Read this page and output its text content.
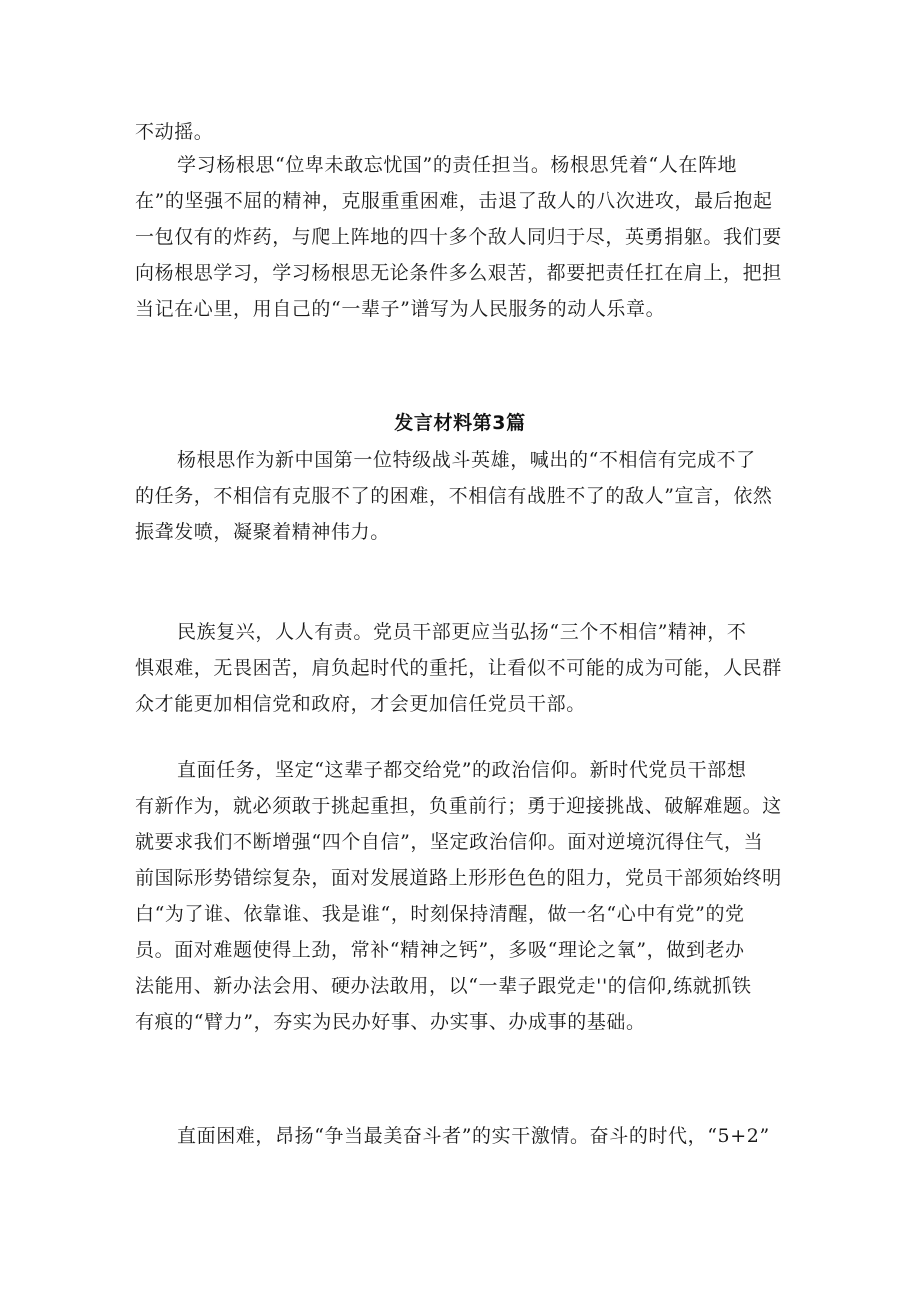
不动摇。
学习杨根思“位卑未敢忘忧国”的责任担当。杨根思凭着“人在阵地
在”的坚强不屈的精神，克服重重困难，击退了敌人的八次进攻，最后抱起
一包仅有的炸药，与爬上阵地的四十多个敌人同归于尽，英勇捐躯。我们要
向杨根思学习，学习杨根思无论条件多么艰苦，都要把责任扛在肩上，把担
当记在心里，用自己的“一辈子”谱写为人民服务的动人乐章。
发言材料第3篇
杨根思作为新中国第一位特级战斗英雄，喊出的“不相信有完成不了
的任务，不相信有克服不了的困难，不相信有战胜不了的敌人”宣言，依然
振聋发喷，凝聚着精神伟力。
民族复兴，人人有责。党员干部更应当弘扬“三个不相信”精神，不
惧艰难，无畏困苦，肩负起时代的重托，让看似不可能的成为可能，人民群
众才能更加相信党和政府，才会更加信任党员干部。
直面任务，坚定“这辈子都交给党”的政治信仰。新时代党员干部想
有新作为，就必须敢于挑起重担，负重前行；勇于迎接挑战、破解难题。这
就要求我们不断增强“四个自信”，坚定政治信仰。面对逆境沉得住气，当
前国际形势错综复杂，面对发展道路上形形色色的阻力，党员干部须始终明
白“为了谁、依靠谁、我是谁“，时刻保持清醒，做一名“心中有党”的党
员。面对难题使得上劲，常补“精神之钙”，多吸“理论之氧”，做到老办
法能用、新办法会用、硬办法敢用，以“一辈子跟党走''的信仰,练就抓铁
有痕的“臂力”，夯实为民办好事、办实事、办成事的基础。
直面困难，昂扬“争当最美奋斗者”的实干激情。奋斗的时代，“5+2”
